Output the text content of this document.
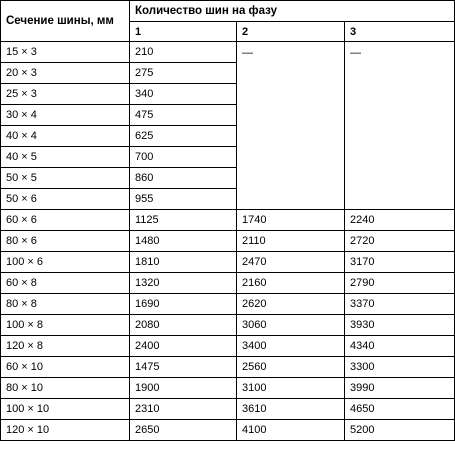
Сечение шины, мм	Количество шин на фазу		
	1	2	3
15 × 3	210	—	—
20 × 3	275		
25 × 3	340		
30 × 4	475		
40 × 4	625		
40 × 5	700		
50 × 5	860		
50 × 6	955		
60 × 6	1125	1740	2240
80 × 6	1480	2110	2720
100 × 6	1810	2470	3170
60 × 8	1320	2160	2790
80 × 8	1690	2620	3370
100 × 8	2080	3060	3930
120 × 8	2400	3400	4340
60 × 10	1475	2560	3300
80 × 10	1900	3100	3990
100 × 10	2310	3610	4650
120 × 10	2650	4100	5200
